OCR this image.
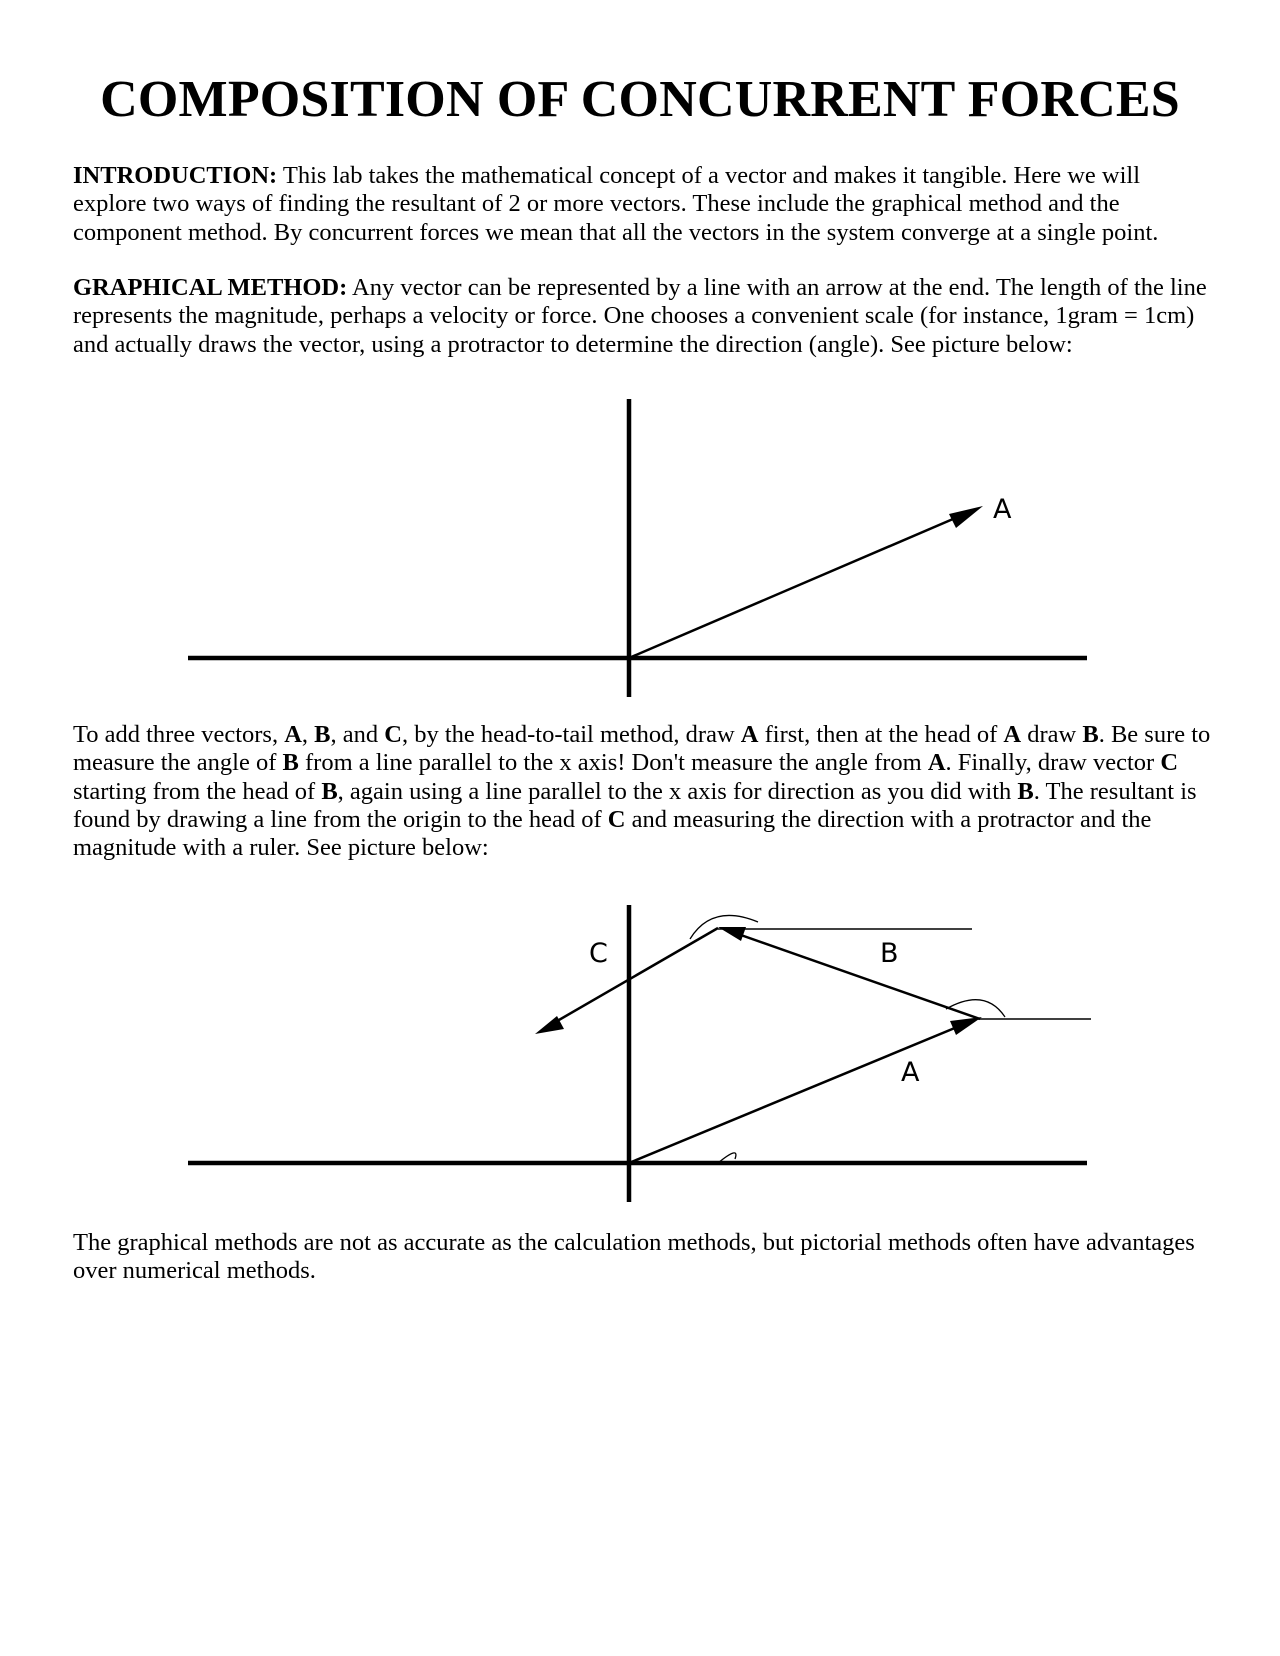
COMPOSITION OF CONCURRENT FORCES

INTRODUCTION: This lab takes the mathematical concept of a vector and makes it tangible. Here we will explore two ways of finding the resultant of 2 or more vectors. These include the graphical method and the component method. By concurrent forces we mean that all the vectors in the system converge at a single point.

GRAPHICAL METHOD: Any vector can be represented by a line with an arrow at the end. The length of the line represents the magnitude, perhaps a velocity or force. One chooses a convenient scale (for instance, 1gram = 1cm) and actually draws the vector, using a protractor to determine the direction (angle). See picture below:

A

To add three vectors, A, B, and C, by the head-to-tail method, draw A first, then at the head of A draw B. Be sure to measure the angle of B from a line parallel to the x axis! Don't measure the angle from A. Finally, draw vector C starting from the head of B, again using a line parallel to the x axis for direction as you did with B. The resultant is found by drawing a line from the origin to the head of C and measuring the direction with a protractor and the magnitude with a ruler. See picture below:

C	B
A

The graphical methods are not as accurate as the calculation methods, but pictorial methods often have advantages over numerical methods.
